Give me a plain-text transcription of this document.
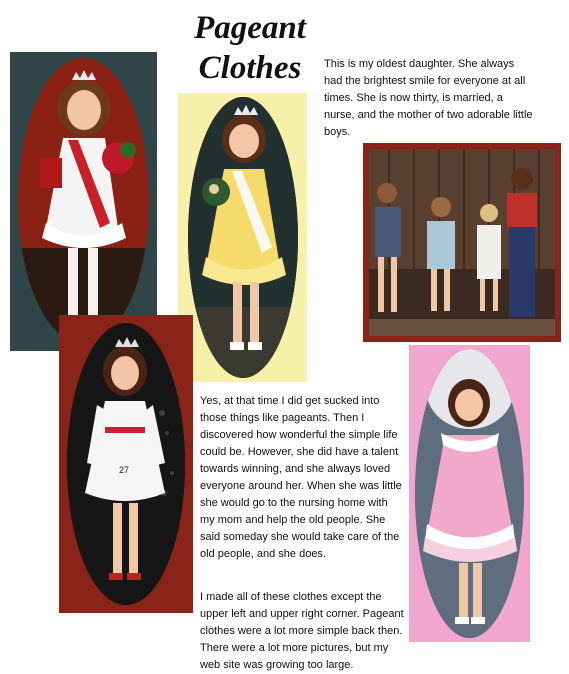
Pageant
Clothes	This is my oldest daughter. She always had the brightest smile for everyone at all times. She is now thirty, is married, a nurse, and the mother of two adorable little boys.
27
Yes, at that time I did get sucked into those things like pageants. Then I discovered how wonderful the simple life could be. However, she did have a talent towards winning, and she always loved everyone around her. When she was little she would go to the nursing home with my mom and help the old people. She said someday she would take care of the old people, and she does.
I made all of these clothes except the upper left and upper right corner. Pageant clothes were a lot more simple back then. There were a lot more pictures, but my web site was growing too large.
